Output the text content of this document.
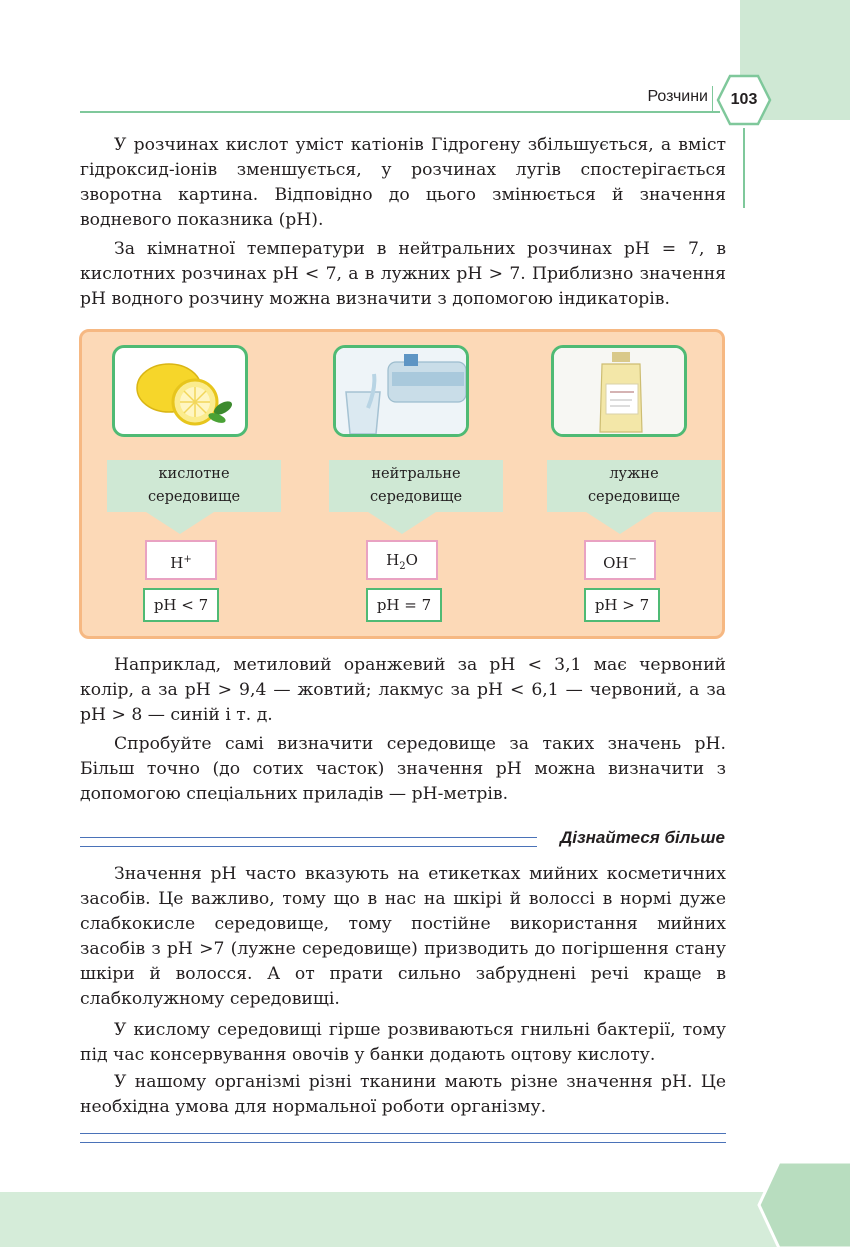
Розчини	103

У розчинах кислот уміст катіонів Гідрогену збільшується, а вміст гідроксид-іонів зменшується, у розчинах лугів спостерігається зворотна картина. Відповідно до цього змінюється й значення водневого показника (pH).

За кімнатної температури в нейтральних розчинах pH = 7, в кислотних розчинах pH < 7, а в лужних pH > 7. Приблизно значення pH водного розчину можна визначити з допомогою індикаторів.

кислотне
середовище
H+
pH < 7
нейтральне
середовище
$H_2O$
pH = 7
лужне
середовище
OH−
pH > 7

Наприклад, метиловий оранжевий за pH < 3,1 має червоний колір, а за pH > 9,4 — жовтий; лакмус за pH < 6,1 — червоний, а за pH > 8 — синій і т. д.

Спробуйте самі визначити середовище за таких значень pH. Більш точно (до сотих часток) значення pH можна визначити з допомогою спеціальних приладів — pH-метрів.

Дізнайтеся більше

Значення pH часто вказують на етикетках мийних косметичних засобів. Це важливо, тому що в нас на шкірі й волоссі в нормі дуже слабкокисле середовище, тому постійне використання мийних засобів з pH >7 (лужне середовище) призводить до погіршення стану шкіри й волосся. А от прати сильно забруднені речі краще в слабколужному середовищі.

У кислому середовищі гірше розвиваються гнильні бактерії, тому під час консервування овочів у банки додають оцтову кислоту.

У нашому організмі різні тканини мають різне значення pH. Це необхідна умова для нормальної роботи організму.
